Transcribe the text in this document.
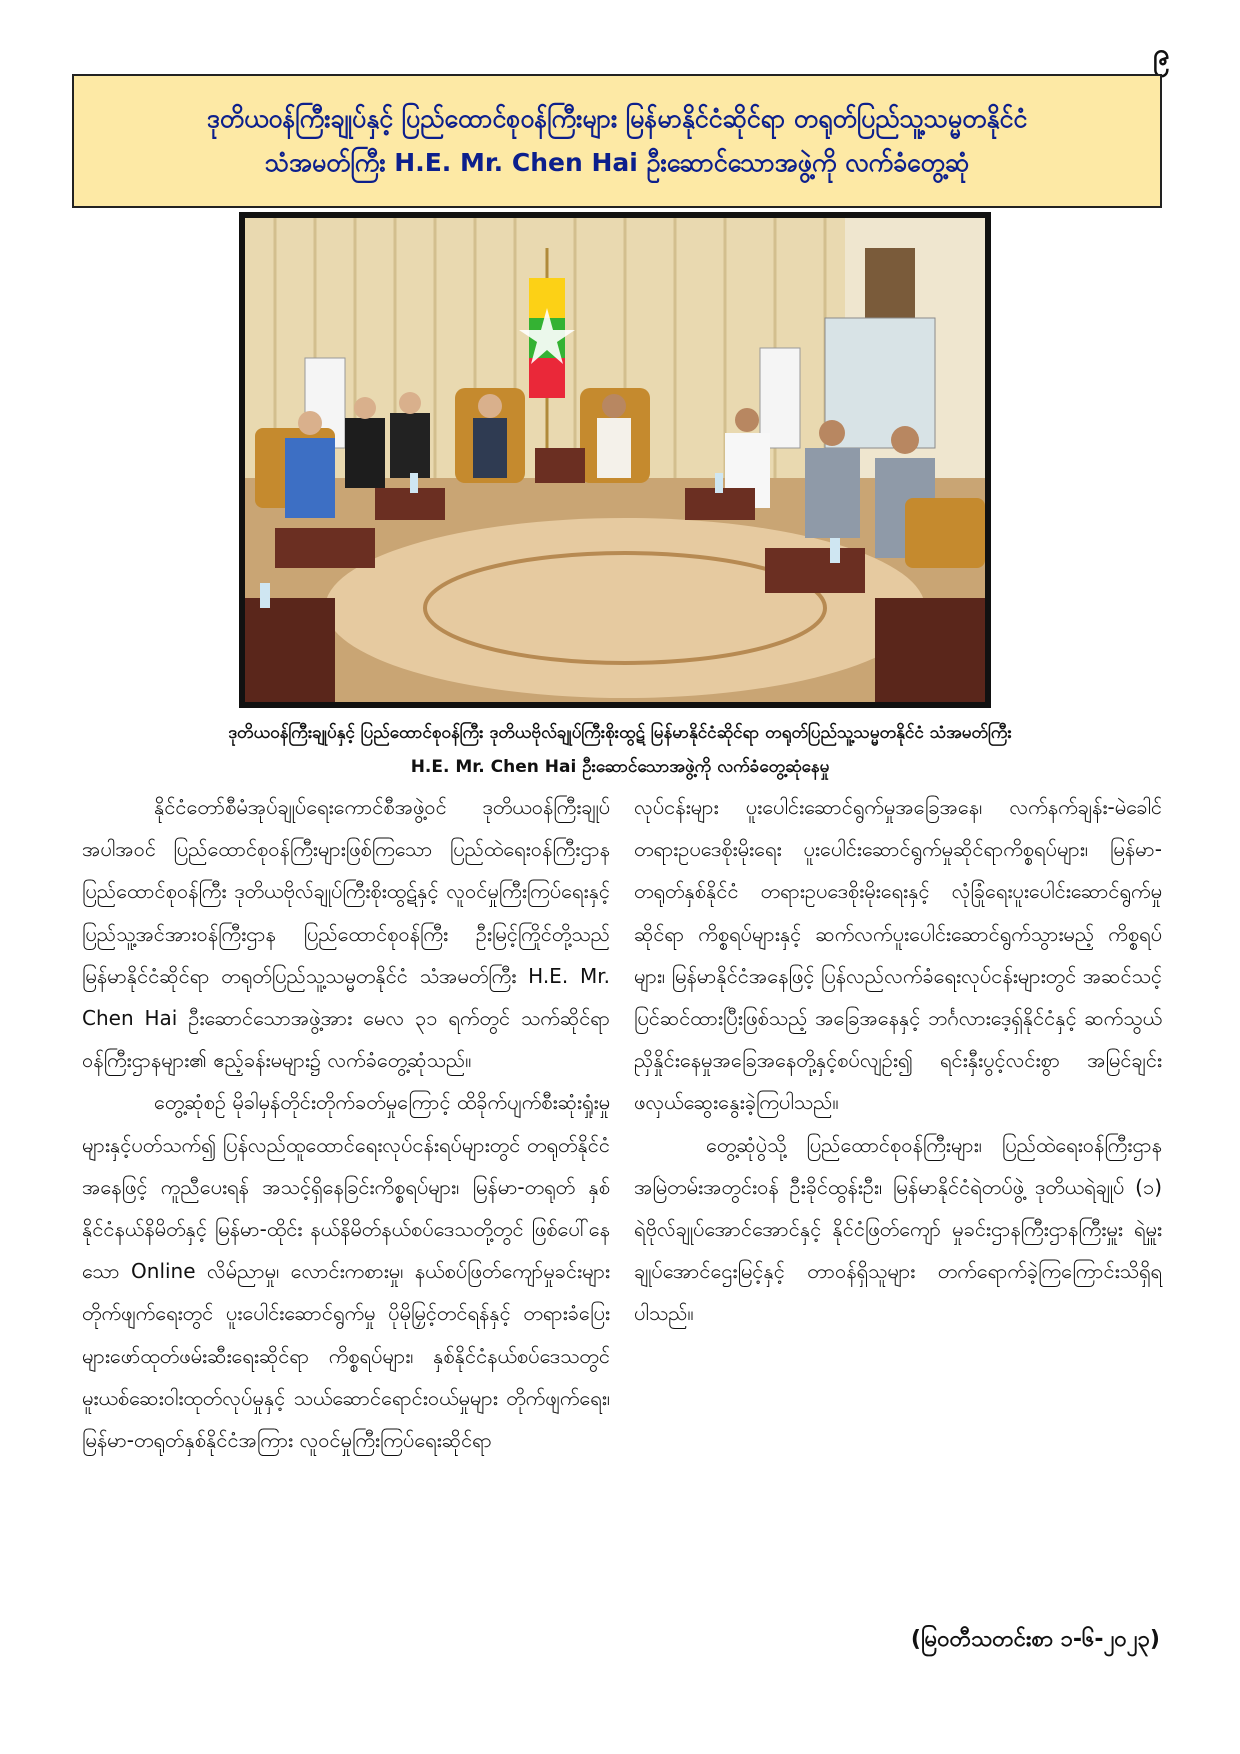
၉
ဒုတိယဝန်ကြီးချုပ်နှင့် ပြည်ထောင်စုဝန်ကြီးများ မြန်မာနိုင်ငံဆိုင်ရာ တရုတ်ပြည်သူ့သမ္မတနိုင်ငံ
သံအမတ်ကြီး H.E. Mr. Chen Hai ဦးဆောင်သောအဖွဲ့ကို လက်ခံတွေ့ဆုံ
ဒုတိယဝန်ကြီးချုပ်နှင့် ပြည်ထောင်စုဝန်ကြီး ဒုတိယဗိုလ်ချုပ်ကြီးစိုးထွဋ် မြန်မာနိုင်ငံဆိုင်ရာ တရုတ်ပြည်သူ့သမ္မတနိုင်ငံ သံအမတ်ကြီး
H.E. Mr. Chen Hai ဦးဆောင်သောအဖွဲ့ကို လက်ခံတွေ့ဆုံနေမှု

နိုင်ငံတော်စီမံအုပ်ချုပ်ရေးကောင်စီအဖွဲ့ဝင် ဒုတိယဝန်ကြီးချုပ်အပါအဝင် ပြည်ထောင်စုဝန်ကြီးများဖြစ်ကြသော ပြည်ထဲရေးဝန်ကြီးဌာန ပြည်ထောင်စုဝန်ကြီး ဒုတိယဗိုလ်ချုပ်ကြီးစိုးထွဋ်နှင့် လူဝင်မှုကြီးကြပ်ရေးနှင့် ပြည်သူ့အင်အားဝန်ကြီးဌာန ပြည်ထောင်စုဝန်ကြီး ဦးမြင့်ကြိုင်တို့သည် မြန်မာနိုင်ငံဆိုင်ရာ တရုတ်ပြည်သူ့သမ္မတနိုင်ငံ သံအမတ်ကြီး H.E. Mr. Chen Hai ဦးဆောင်သောအဖွဲ့အား မေလ ၃၁ ရက်တွင် သက်ဆိုင်ရာဝန်ကြီးဌာနများ၏ ဧည့်ခန်းမများ၌ လက်ခံတွေ့ဆုံသည်။

တွေ့ဆုံစဉ် မိုခါမှန်တိုင်းတိုက်ခတ်မှုကြောင့် ထိခိုက်ပျက်စီးဆုံးရှုံးမှုများနှင့်ပတ်သက်၍ ပြန်လည်ထူထောင်ရေးလုပ်ငန်းရပ်များတွင် တရုတ်နိုင်ငံအနေဖြင့် ကူညီပေးရန် အသင့်ရှိနေခြင်းကိစ္စရပ်များ၊ မြန်မာ-တရုတ် နှစ်နိုင်ငံနယ်နိမိတ်နှင့် မြန်မာ-ထိုင်း နယ်နိမိတ်နယ်စပ်ဒေသတို့တွင် ဖြစ်ပေါ်နေသော Online လိမ်ညာမှု၊ လောင်းကစားမှု၊ နယ်စပ်ဖြတ်ကျော်မှုခင်းများ တိုက်ဖျက်ရေးတွင် ပူးပေါင်းဆောင်ရွက်မှု ပိုမိုမြှင့်တင်ရန်နှင့် တရားခံပြေးများဖော်ထုတ်ဖမ်းဆီးရေးဆိုင်ရာ ကိစ္စရပ်များ၊ နှစ်နိုင်ငံနယ်စပ်ဒေသတွင် မူးယစ်ဆေးဝါးထုတ်လုပ်မှုနှင့် သယ်ဆောင်ရောင်းဝယ်မှုများ တိုက်ဖျက်ရေး၊ မြန်မာ-တရုတ်နှစ်နိုင်ငံအကြား လူဝင်မှုကြီးကြပ်ရေးဆိုင်ရာ

လုပ်ငန်းများ ပူးပေါင်းဆောင်ရွက်မှုအခြေအနေ၊ လက်နက်ချန်း-မဲခေါင် တရားဥပဒေစိုးမိုးရေး ပူးပေါင်းဆောင်ရွက်မှုဆိုင်ရာကိစ္စရပ်များ၊ မြန်မာ-တရုတ်နှစ်နိုင်ငံ တရားဥပဒေစိုးမိုးရေးနှင့် လုံခြုံရေးပူးပေါင်းဆောင်ရွက်မှုဆိုင်ရာ ကိစ္စရပ်များနှင့် ဆက်လက်ပူးပေါင်းဆောင်ရွက်သွားမည့် ကိစ္စရပ်များ၊ မြန်မာနိုင်ငံအနေဖြင့် ပြန်လည်လက်ခံရေးလုပ်ငန်းများတွင် အဆင်သင့် ပြင်ဆင်ထားပြီးဖြစ်သည့် အခြေအနေနှင့် ဘင်္ဂလားဒေ့ရှ်နိုင်ငံနှင့် ဆက်သွယ်ညှိနှိုင်းနေမှုအခြေအနေတို့နှင့်စပ်လျဉ်း၍ ရင်းနှီးပွင့်လင်းစွာ အမြင်ချင်းဖလှယ်ဆွေးနွေးခဲ့ကြပါသည်။

တွေ့ဆုံပွဲသို့ ပြည်ထောင်စုဝန်ကြီးများ၊ ပြည်ထဲရေးဝန်ကြီးဌာန အမြဲတမ်းအတွင်းဝန် ဦးခိုင်ထွန်းဦး၊ မြန်မာနိုင်ငံရဲတပ်ဖွဲ့ ဒုတိယရဲချုပ် (၁) ရဲဗိုလ်ချုပ်အောင်အောင်နှင့် နိုင်ငံဖြတ်ကျော် မှုခင်းဌာနကြီးဌာနကြီးမှူး ရဲမှူးချုပ်အောင်ဌေးမြင့်နှင့် တာဝန်ရှိသူများ တက်ရောက်ခဲ့ကြကြောင်းသိရှိရပါသည်။

(မြဝတီသတင်းစာ ၁-၆-၂၀၂၃)
